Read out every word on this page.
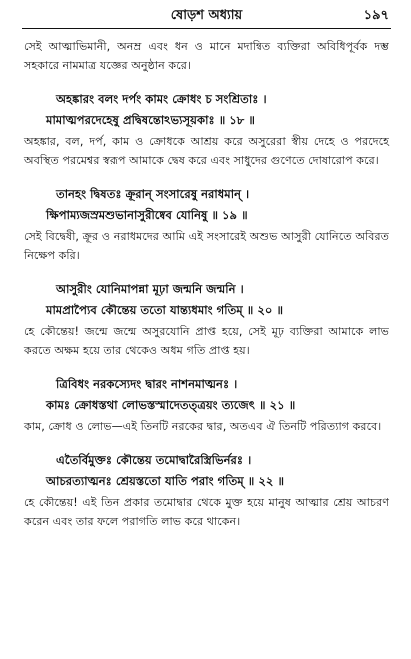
ষোড়শ অধ্যায়	১৯৭

সেই আত্মাভিমানী, অনম্র এবং ধন ও মানে মদান্বিত ব্যক্তিরা অবিধিপূর্বক দম্ভ সহকারে নামমাত্র যজ্ঞের অনুষ্ঠান করে।

অহঙ্কারং বলং দর্পং কামং ক্রোধং চ সংশ্রিতাঃ ।
মামাত্মপরদেহেষু প্রদ্বিষন্তোঽভ্যসূয়কাঃ ॥ ১৮ ॥

অহঙ্কার, বল, দর্প, কাম ও ক্রোধকে আশ্রয় করে অসুরেরা স্বীয় দেহে ও পরদেহে অবস্থিত পরমেশ্বর স্বরূপ আমাকে দ্বেষ করে এবং সাধুদের গুণেতে দোষারোপ করে।

তানহং দ্বিষতঃ ক্রূরান্ সংসারেষু নরাধমান্ ।
ক্ষিপাম্যজস্রমশুভানাসুরীষ্বেব যোনিষু ॥ ১৯ ॥

সেই বিদ্বেষী, ক্রূর ও নরাধমদের আমি এই সংসারেই অশুভ আসুরী যোনিতে অবিরত নিক্ষেপ করি।

আসুরীং যোনিমাপন্না মূঢ়া জন্মনি জন্মনি ।
মামপ্রাপ্যৈব কৌন্তেয় ততো যান্ত্যধমাং গতিম্ ॥ ২০ ॥

হে কৌন্তেয়! জন্মে জন্মে অসুরযোনি প্রাপ্ত হয়ে, সেই মূঢ় ব্যক্তিরা আমাকে লাভ করতে অক্ষম হয়ে তার থেকেও অধম গতি প্রাপ্ত হয়।

ত্রিবিধং নরকস্যেদং দ্বারং নাশনমাত্মনঃ ।
কামঃ ক্রোধস্তথা লোভস্তস্মাদেতত্ত্রয়ং ত্যজেৎ ॥ ২১ ॥

কাম, ক্রোধ ও লোভ—এই তিনটি নরকের দ্বার, অতএব ঐ তিনটি পরিত্যাগ করবে।

এতৈর্বিমুক্তঃ কৌন্তেয় তমোদ্বারৈস্ত্রিভির্নরঃ ।
আচরত্যাত্মনঃ শ্রেয়স্ততো যাতি পরাং গতিম্ ॥ ২২ ॥

হে কৌন্তেয়! এই তিন প্রকার তমোদ্বার থেকে মুক্ত হয়ে মানুষ আত্মার শ্রেয় আচরণ করেন এবং তার ফলে পরাগতি লাভ করে থাকেন।
